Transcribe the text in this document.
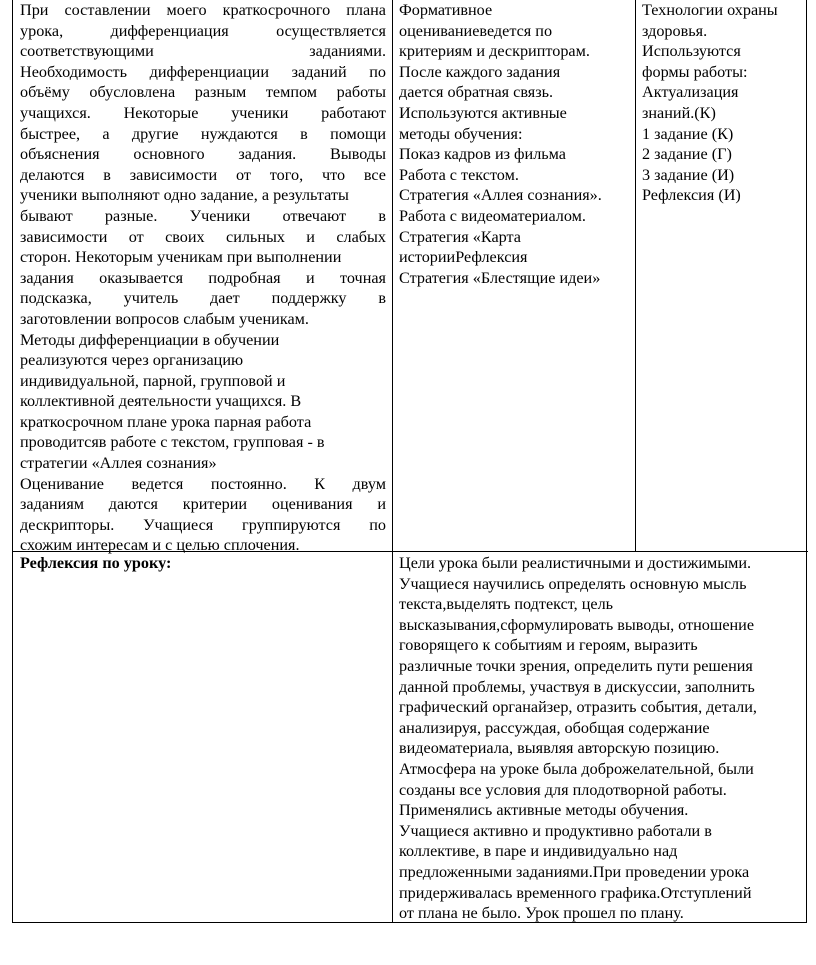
При составлении моего краткосрочного плана
урока, дифференциация осуществляется
соответствующими заданиями.
Необходимость дифференциации заданий по
объёму обусловлена разным темпом работы
учащихся. Некоторые ученики работают
быстрее, а другие нуждаются в помощи
объяснения основного задания. Выводы
делаются в зависимости от того, что все
ученики выполняют одно задание, а результаты
бывают разные. Ученики отвечают в
зависимости от своих сильных и слабых
сторон. Некоторым ученикам при выполнении
задания оказывается подробная и точная
подсказка, учитель дает поддержку в
заготовлении вопросов слабым ученикам.
Методы дифференциации в обучении
реализуются через организацию
индивидуальной, парной, групповой и
коллективной деятельности учащихся. В
краткосрочном плане урока парная работа
проводитсяв работе с текстом, групповая - в
стратегии «Аллея сознания»
Оценивание ведется постоянно. К двум
заданиям даются критерии оценивания и
дескрипторы. Учащиеся группируются по
схожим интересам и с целью сплочения.
Формативное
оцениваниеведется по
критериям и дескрипторам.
После каждого задания
дается обратная связь.
Используются активные
методы обучения:
Показ кадров из фильма
Работа с текстом.
Стратегия «Аллея сознания».
Работа с видеоматериалом.
Стратегия «Карта
историиРефлексия
Стратегия «Блестящие идеи»
Технологии охраны
здоровья.
Используются
формы работы:
Актуализация
знаний.(К)
1 задание (К)
2 задание (Г)
3 задание (И)
Рефлексия (И)
Рефлексия по уроку:	Цели урока были реалистичными и достижимыми.
Учащиеся научились определять основную мысль
текста,выделять подтекст, цель
высказывания,сформулировать выводы, отношение
говорящего к событиям и героям, выразить
различные точки зрения, определить пути решения
данной проблемы, участвуя в дискуссии, заполнить
графический органайзер, отразить события, детали,
анализируя, рассуждая, обобщая содержание
видеоматериала, выявляя авторскую позицию.
Атмосфера на уроке была доброжелательной, были
созданы все условия для плодотворной работы.
Применялись активные методы обучения.
Учащиеся активно и продуктивно работали в
коллективе, в паре и индивидуально над
предложенными заданиями.При проведении урока
придерживалась временного графика.Отступлений
от плана не было. Урок прошел по плану.
